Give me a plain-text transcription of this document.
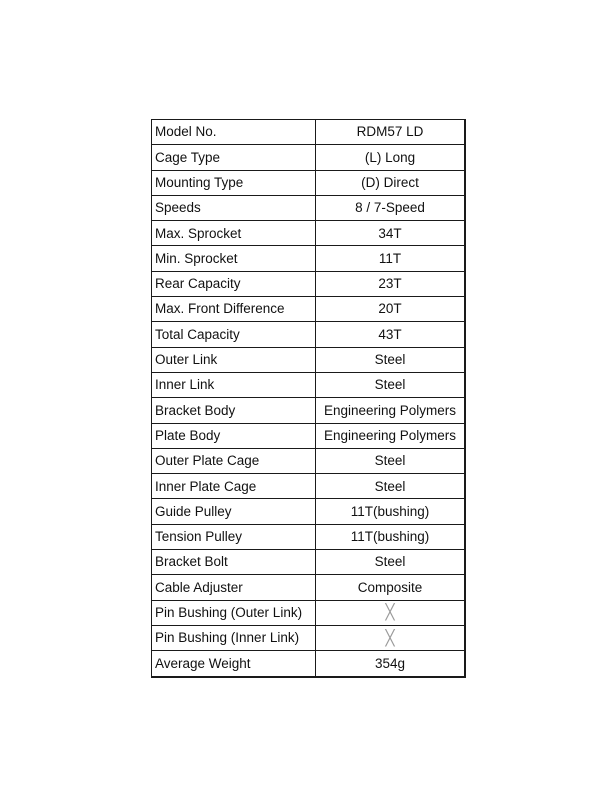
Model No.	RDM57 LD
Cage Type	(L) Long
Mounting Type	(D) Direct
Speeds	8 / 7-Speed
Max. Sprocket	34T
Min. Sprocket	11T
Rear Capacity	23T
Max. Front Difference	20T
Total Capacity	43T
Outer Link	Steel
Inner Link	Steel
Bracket Body	Engineering Polymers
Plate Body	Engineering Polymers
Outer Plate Cage	Steel
Inner Plate Cage	Steel
Guide Pulley	11T(bushing)
Tension Pulley	11T(bushing)
Bracket Bolt	Steel
Cable Adjuster	Composite
Pin Bushing (Outer Link)	╳
Pin Bushing (Inner Link)	╳
Average Weight	354g
